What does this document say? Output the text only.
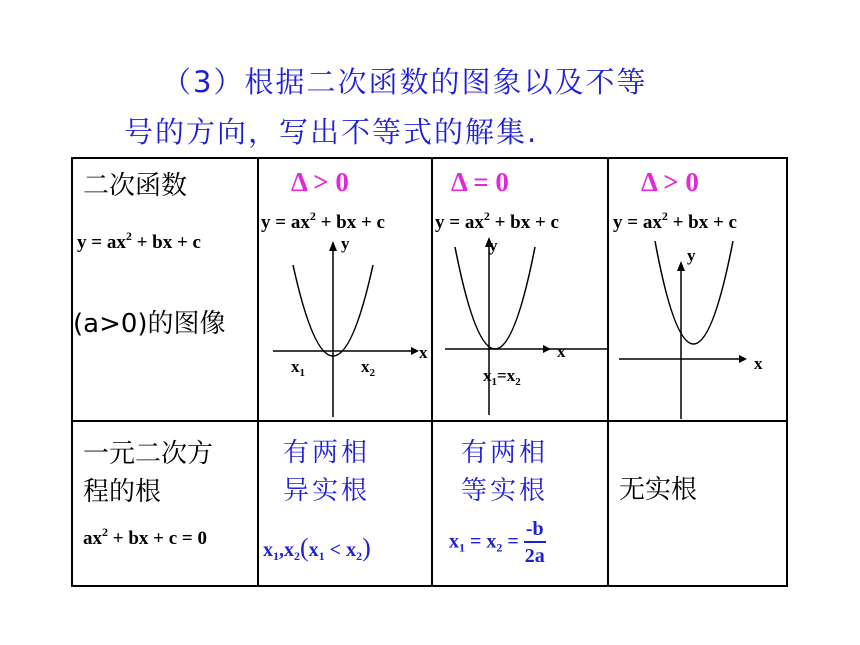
（3）根据二次函数的图象以及不等
号的方向，写出不等式的解集.
二次函数
$y = ax^2$ + bx + c
(a>0)的图像
Δ > 0
$y = ax^2$ + bx + c
y
x
$x_1$	$x_2$
Δ = 0
$y = ax^2$ + bx + c
y
x
$x_1=x_2$
Δ > 0
$y = ax^2$ + bx + c
y
x
一元二次方
程的根
$ax^2$ + bx + c = 0
有两相
异实根
$x_1,x_2(x_1 < x_2)$
有两相
等实根
$x_1 = x_2 = \frac{-b}{2a}$
无实根
